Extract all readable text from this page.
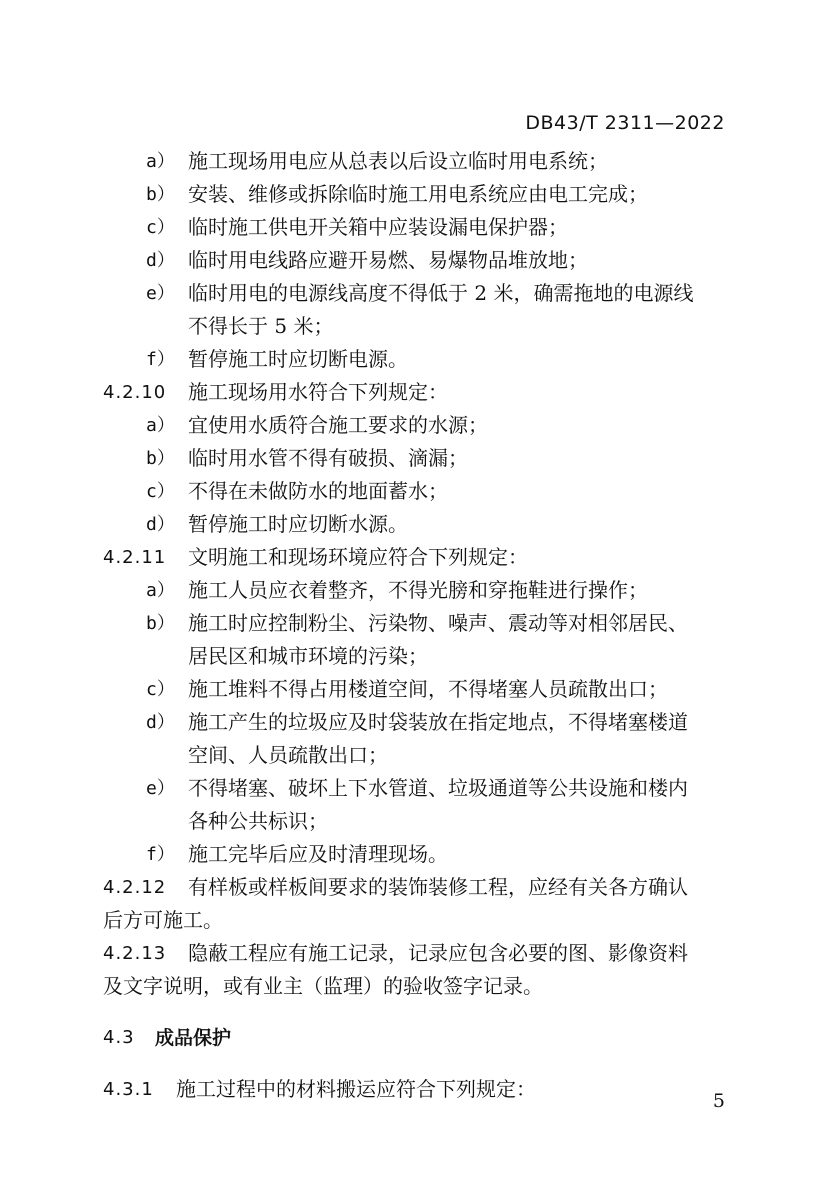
DB43/T 2311—2022
a） 施工现场用电应从总表以后设立临时用电系统；
b） 安装、维修或拆除临时施工用电系统应由电工完成；
c） 临时施工供电开关箱中应装设漏电保护器；
d） 临时用电线路应避开易燃、易爆物品堆放地；
e） 临时用电的电源线高度不得低于 2 米，确需拖地的电源线
不得长于 5 米；
f） 暂停施工时应切断电源。
4.2.10 施工现场用水符合下列规定：
a） 宜使用水质符合施工要求的水源；
b） 临时用水管不得有破损、滴漏；
c） 不得在未做防水的地面蓄水；
d） 暂停施工时应切断水源。
4.2.11 文明施工和现场环境应符合下列规定：
a） 施工人员应衣着整齐，不得光膀和穿拖鞋进行操作；
b） 施工时应控制粉尘、污染物、噪声、震动等对相邻居民、
居民区和城市环境的污染；
c） 施工堆料不得占用楼道空间，不得堵塞人员疏散出口；
d） 施工产生的垃圾应及时袋装放在指定地点，不得堵塞楼道
空间、人员疏散出口；
e） 不得堵塞、破坏上下水管道、垃圾通道等公共设施和楼内
各种公共标识；
f） 施工完毕后应及时清理现场。
4.2.12 有样板或样板间要求的装饰装修工程，应经有关各方确认
后方可施工。
4.2.13 隐蔽工程应有施工记录，记录应包含必要的图、影像资料
及文字说明，或有业主（监理）的验收签字记录。
4.3 成品保护
4.3.1 施工过程中的材料搬运应符合下列规定：	5
